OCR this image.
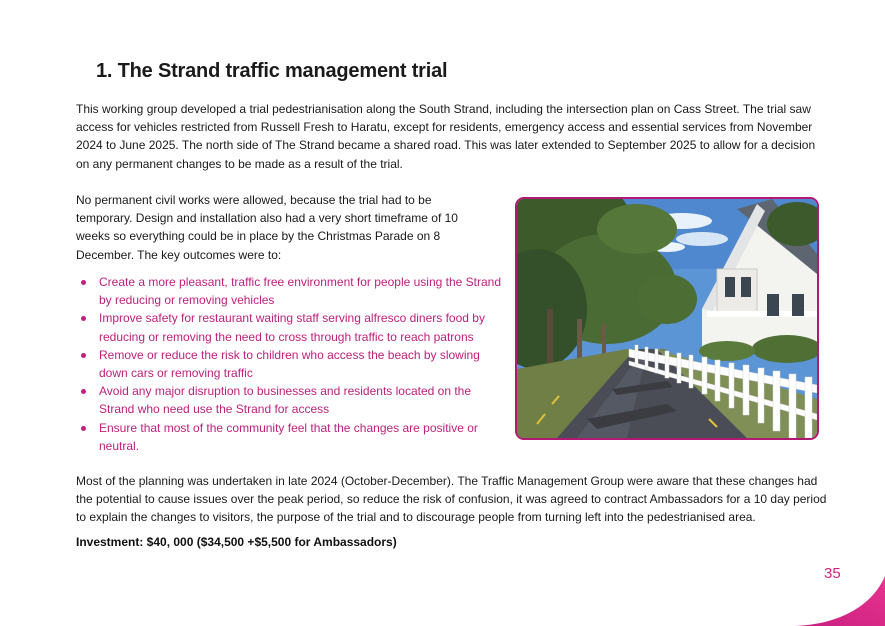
1. The Strand traffic management trial
This working group developed a trial pedestrianisation along the South Strand, including the intersection plan on Cass Street. The trial saw access for vehicles restricted from Russell Fresh to Haratu, except for residents, emergency access and essential services from November 2024 to June 2025. The north side of The Strand became a shared road. This was later extended to September 2025 to allow for a decision on any permanent changes to be made as a result of the trial.
No permanent civil works were allowed, because the trial had to be temporary. Design and installation also had a very short timeframe of 10 weeks so everything could be in place by the Christmas Parade on 8 December. The key outcomes were to:
Create a more pleasant, traffic free environment for people using the Strand by reducing or removing vehicles
Improve safety for restaurant waiting staff serving alfresco diners food by reducing or removing the need to cross through traffic to reach patrons
Remove or reduce the risk to children who access the beach by slowing down cars or removing traffic
Avoid any major disruption to businesses and residents located on the Strand who need use the Strand for access
Ensure that most of the community feel that the changes are positive or neutral.
Most of the planning was undertaken in late 2024 (October-December). The Traffic Management Group were aware that these changes had the potential to cause issues over the peak period, so reduce the risk of confusion, it was agreed to contract Ambassadors for a 10 day period to explain the changes to visitors, the purpose of the trial and to discourage people from turning left into the pedestrianised area.
Investment: $40, 000 ($34,500 +$5,500 for Ambassadors)
35
